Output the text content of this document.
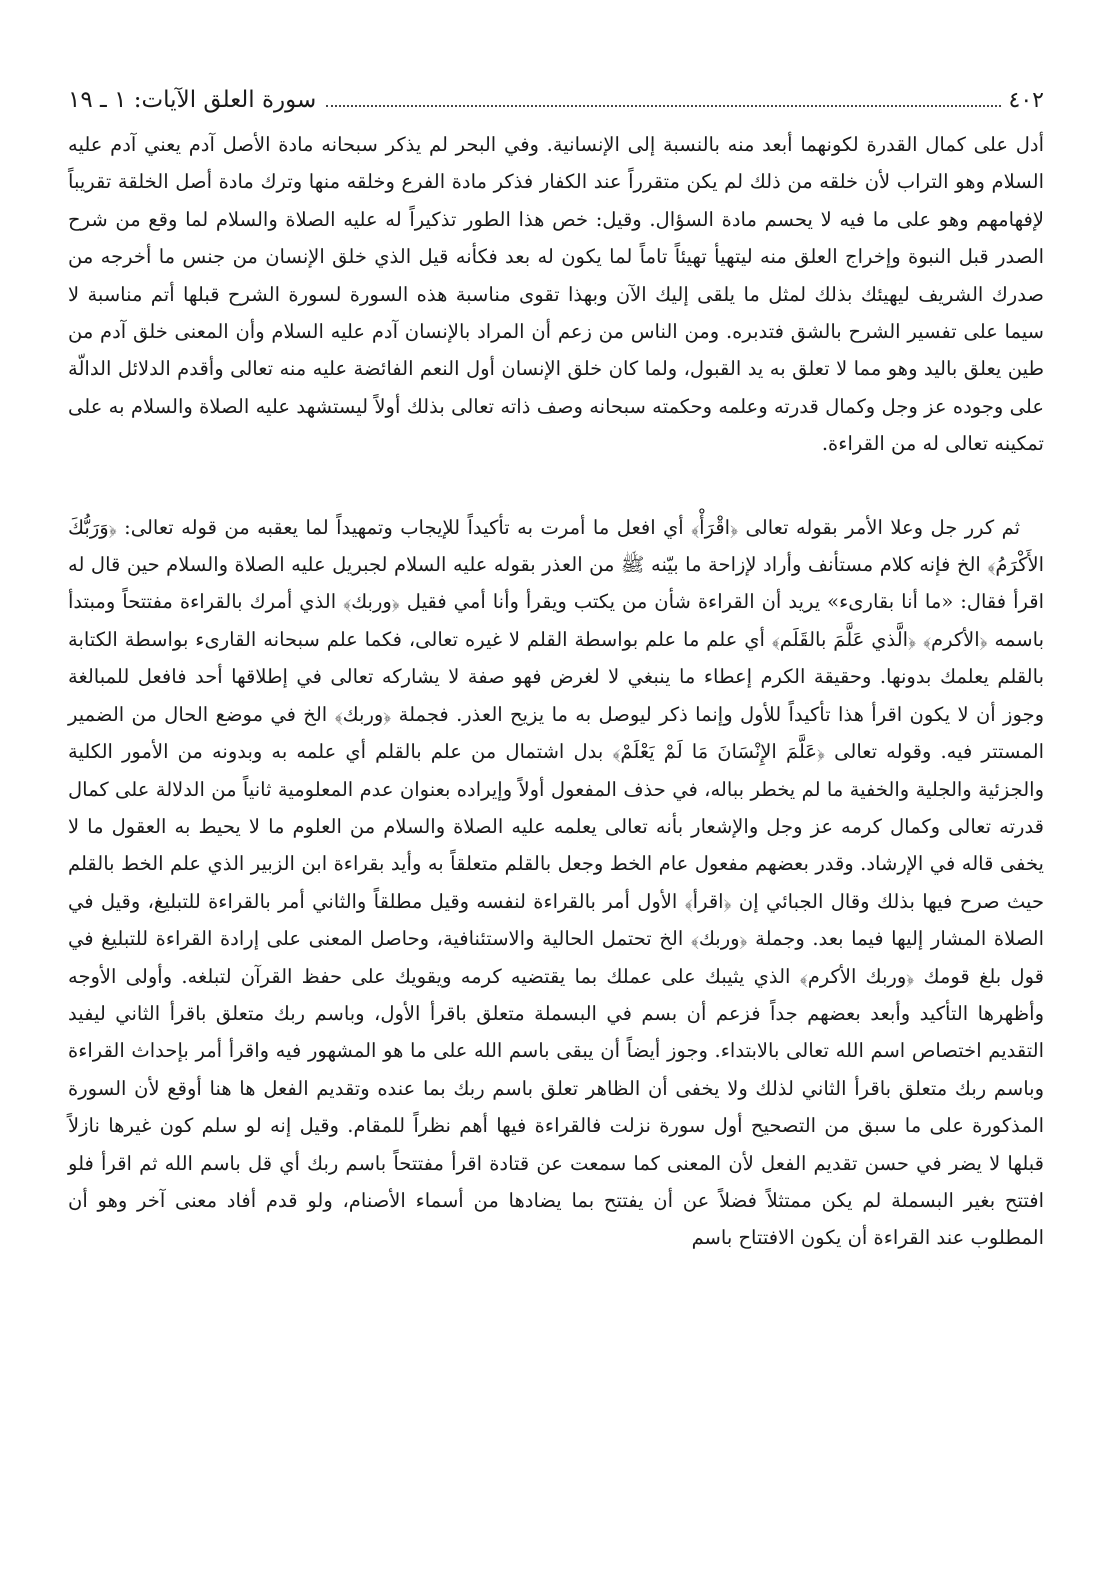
٤٠٢
سورة العلق الآيات: ١ ـ ١٩

أدل على كمال القدرة لكونهما أبعد منه بالنسبة إلى الإنسانية. وفي البحر لم يذكر سبحانه مادة الأصل آدم يعني آدم عليه السلام وهو التراب لأن خلقه من ذلك لم يكن متقرراً عند الكفار فذكر مادة الفرع وخلقه منها وترك مادة أصل الخلقة تقريباً لإفهامهم وهو على ما فيه لا يحسم مادة السؤال. وقيل: خص هذا الطور تذكيراً له عليه الصلاة والسلام لما وقع من شرح الصدر قبل النبوة وإخراج العلق منه ليتهيأ تهيئاً تاماً لما يكون له بعد فكأنه قيل الذي خلق الإنسان من جنس ما أخرجه من صدرك الشريف ليهيئك بذلك لمثل ما يلقى إليك الآن وبهذا تقوى مناسبة هذه السورة لسورة الشرح قبلها أتم مناسبة لا سيما على تفسير الشرح بالشق فتدبره. ومن الناس من زعم أن المراد بالإنسان آدم عليه السلام وأن المعنى خلق آدم من طين يعلق باليد وهو مما لا تعلق به يد القبول، ولما كان خلق الإنسان أول النعم الفائضة عليه منه تعالى وأقدم الدلائل الدالّة على وجوده عز وجل وكمال قدرته وعلمه وحكمته سبحانه وصف ذاته تعالى بذلك أولاً ليستشهد عليه الصلاة والسلام به على تمكينه تعالى له من القراءة.

ثم كرر جل وعلا الأمر بقوله تعالى ﴿اقْرَأْ﴾ أي افعل ما أمرت به تأكيداً للإيجاب وتمهيداً لما يعقبه من قوله تعالى: ﴿وَرَبُّكَ الأَكْرَمُ﴾ الخ فإنه كلام مستأنف وأراد لإزاحة ما بيّنه ﷺ من العذر بقوله عليه السلام لجبريل عليه الصلاة والسلام حين قال له اقرأ فقال: «ما أنا بقارىء» يريد أن القراءة شأن من يكتب ويقرأ وأنا أمي فقيل ﴿وربك﴾ الذي أمرك بالقراءة مفتتحاً ومبتدأ باسمه ﴿الأكرم﴾ ﴿الَّذي عَلَّمَ بالقَلَم﴾ أي علم ما علم بواسطة القلم لا غيره تعالى، فكما علم سبحانه القارىء بواسطة الكتابة بالقلم يعلمك بدونها. وحقيقة الكرم إعطاء ما ينبغي لا لغرض فهو صفة لا يشاركه تعالى في إطلاقها أحد فافعل للمبالغة وجوز أن لا يكون اقرأ هذا تأكيداً للأول وإنما ذكر ليوصل به ما يزيح العذر. فجملة ﴿وربك﴾ الخ في موضع الحال من الضمير المستتر فيه. وقوله تعالى ﴿عَلَّمَ الإِنْسَانَ مَا لَمْ يَعْلَمْ﴾ بدل اشتمال من علم بالقلم أي علمه به وبدونه من الأمور الكلية والجزئية والجلية والخفية ما لم يخطر بباله، في حذف المفعول أولاً وإيراده بعنوان عدم المعلومية ثانياً من الدلالة على كمال قدرته تعالى وكمال كرمه عز وجل والإشعار بأنه تعالى يعلمه عليه الصلاة والسلام من العلوم ما لا يحيط به العقول ما لا يخفى قاله في الإرشاد. وقدر بعضهم مفعول عام الخط وجعل بالقلم متعلقاً به وأيد بقراءة ابن الزبير الذي علم الخط بالقلم حيث صرح فيها بذلك وقال الجبائي إن ﴿اقرأ﴾ الأول أمر بالقراءة لنفسه وقيل مطلقاً والثاني أمر بالقراءة للتبليغ، وقيل في الصلاة المشار إليها فيما بعد. وجملة ﴿وربك﴾ الخ تحتمل الحالية والاستئنافية، وحاصل المعنى على إرادة القراءة للتبليغ في قول بلغ قومك ﴿وربك الأكرم﴾ الذي يثيبك على عملك بما يقتضيه كرمه ويقويك على حفظ القرآن لتبلغه. وأولى الأوجه وأظهرها التأكيد وأبعد بعضهم جداً فزعم أن بسم في البسملة متعلق باقرأ الأول، وباسم ربك متعلق باقرأ الثاني ليفيد التقديم اختصاص اسم الله تعالى بالابتداء. وجوز أيضاً أن يبقى باسم الله على ما هو المشهور فيه واقرأ أمر بإحداث القراءة وباسم ربك متعلق باقرأ الثاني لذلك ولا يخفى أن الظاهر تعلق باسم ربك بما عنده وتقديم الفعل ها هنا أوقع لأن السورة المذكورة على ما سبق من التصحيح أول سورة نزلت فالقراءة فيها أهم نظراً للمقام. وقيل إنه لو سلم كون غيرها نازلاً قبلها لا يضر في حسن تقديم الفعل لأن المعنى كما سمعت عن قتادة اقرأ مفتتحاً باسم ربك أي قل باسم الله ثم اقرأ فلو افتتح بغير البسملة لم يكن ممتثلاً فضلاً عن أن يفتتح بما يضادها من أسماء الأصنام، ولو قدم أفاد معنى آخر وهو أن المطلوب عند القراءة أن يكون الافتتاح باسم
